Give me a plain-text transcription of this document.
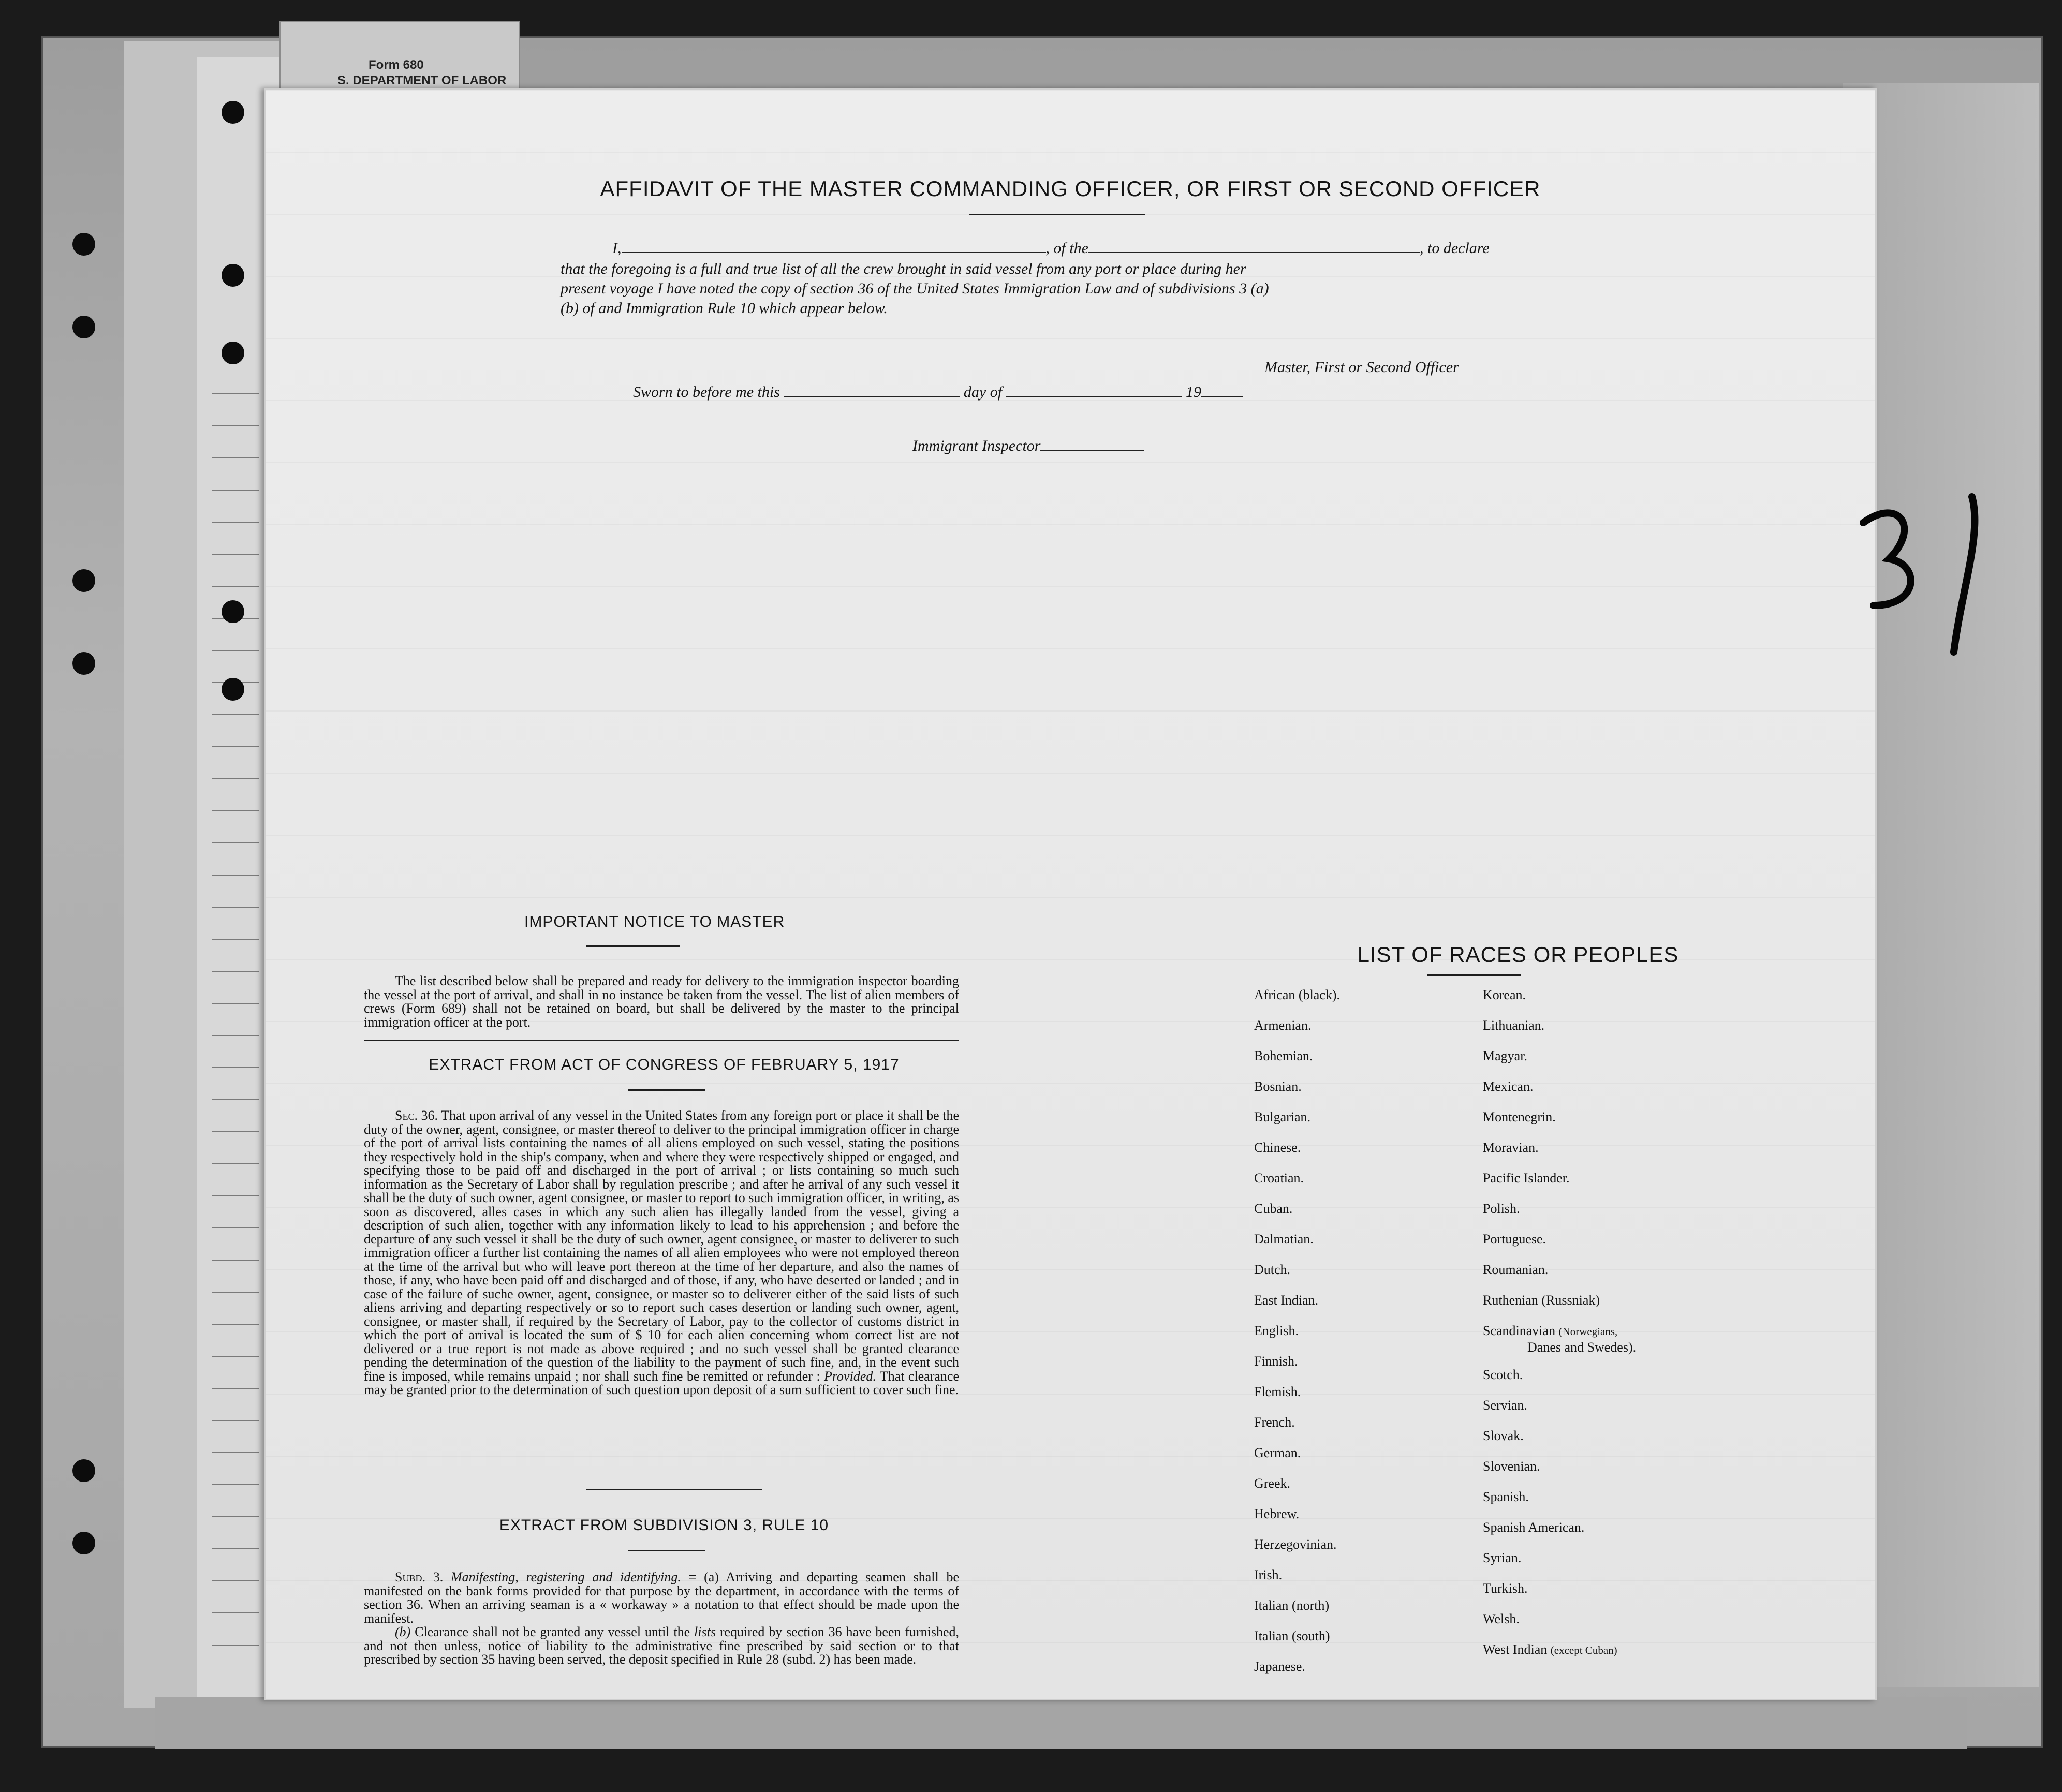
Form 680
S. DEPARTMENT OF LABOR
AFFIDAVIT OF THE MASTER COMMANDING OFFICER, OR FIRST OR SECOND OFFICER
I,	, of the	, to declare
that the foregoing is a full and true list of all the crew brought in said vessel from any port or place during her
present voyage I have noted the copy of section 36 of the United States Immigration Law and of subdivisions 3 (a)
(b) of and Immigration Rule 10 which appear below.
Master, First or Second Officer
Sworn to before me this	day of	19
Immigrant Inspector
IMPORTANT NOTICE TO MASTER
The list described below shall be prepared and ready for delivery to the immigration inspector boarding the vessel at the port of arrival, and shall in no instance be taken from the vessel. The list of alien members of crews (Form 689) shall not be retained on board, but shall be delivered by the master to the principal immigration officer at the port.
EXTRACT FROM ACT OF CONGRESS OF FEBRUARY 5, 1917
Sec. 36. That upon arrival of any vessel in the United States from any foreign port or place it shall be the duty of the owner, agent, consignee, or master thereof to deliver to the principal immigration officer in charge of the port of arrival lists containing the names of all aliens employed on such vessel, stating the positions they respectively hold in the ship's company, when and where they were respectively shipped or engaged, and specifying those to be paid off and discharged in the port of arrival ; or lists containing so much such information as the Secretary of Labor shall by regulation prescribe ; and after he arrival of any such vessel it shall be the duty of such owner, agent consignee, or master to report to such immigration officer, in writing, as soon as discovered, alles cases in which any such alien has illegally landed from the vessel, giving a description of such alien, together with any information likely to lead to his apprehension ; and before the departure of any such vessel it shall be the duty of such owner, agent consignee, or master to deliverer to such immigration officer a further list containing the names of all alien employees who were not employed thereon at the time of the arrival but who will leave port thereon at the time of her departure, and also the names of those, if any, who have been paid off and discharged and of those, if any, who have deserted or landed ; and in case of the failure of suche owner, agent, consignee, or master so to deliverer either of the said lists of such aliens arriving and departing respectively or so to report such cases desertion or landing such owner, agent, consignee, or master shall, if required by the Secretary of Labor, pay to the collector of customs district in which the port of arrival is located the sum of $ 10 for each alien concerning whom correct list are not delivered or a true report is not made as above required ; and no such vessel shall be granted clearance pending the determination of the question of the liability to the payment of such fine, and, in the event such fine is imposed, while remains unpaid ; nor shall such fine be remitted or refunder : Provided. That clearance may be granted prior to the determination of such question upon deposit of a sum sufficient to cover such fine.
EXTRACT FROM SUBDIVISION 3, RULE 10
Subd. 3. Manifesting, registering and identifying. = (a) Arriving and departing seamen shall be manifested on the bank forms provided for that purpose by the department, in accordance with the terms of section 36. When an arriving seaman is a « workaway » a notation to that effect should be made upon the manifest.
(b) Clearance shall not be granted any vessel until the lists required by section 36 have been furnished, and not then unless, notice of liability to the administrative fine prescribed by said section or to that prescribed by section 35 having been served, the deposit specified in Rule 28 (subd. 2) has been made.
LIST OF RACES OR PEOPLES
African (black).
Armenian.
Bohemian.
Bosnian.
Bulgarian.
Chinese.
Croatian.
Cuban.
Dalmatian.
Dutch.
East Indian.
English.
Finnish.
Flemish.
French.
German.
Greek.
Hebrew.
Herzegovinian.
Irish.
Italian (north)
Italian (south)
Japanese.
Korean.
Lithuanian.
Magyar.
Mexican.
Montenegrin.
Moravian.
Pacific Islander.
Polish.
Portuguese.
Roumanian.
Ruthenian (Russniak)
Scandinavian (Norwegians,
Danes and Swedes).
Scotch.
Servian.
Slovak.
Slovenian.
Spanish.
Spanish American.
Syrian.
Turkish.
Welsh.
West Indian (except Cuban)
